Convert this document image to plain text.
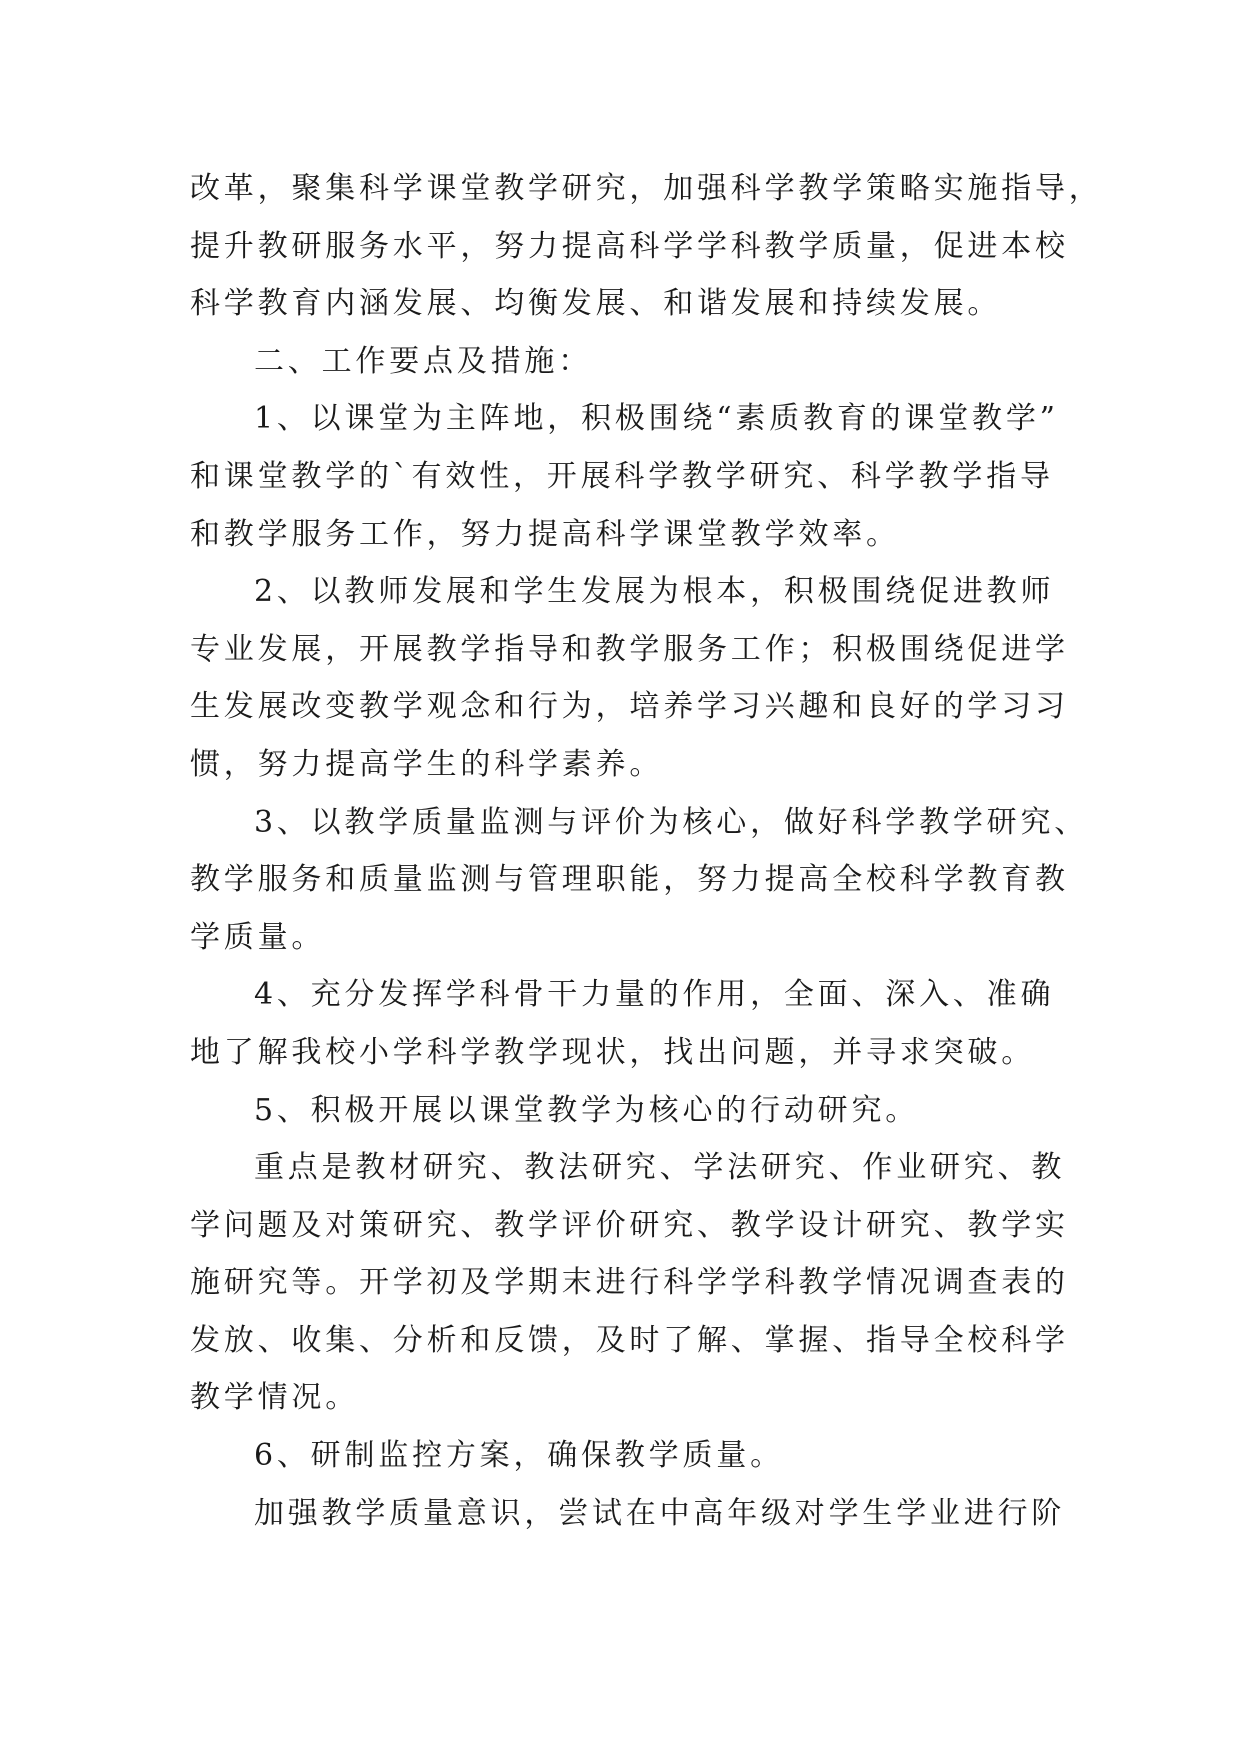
改革，聚集科学课堂教学研究，加强科学教学策略实施指导，
提升教研服务水平，努力提高科学学科教学质量，促进本校
科学教育内涵发展、均衡发展、和谐发展和持续发展。
二、工作要点及措施：
1、以课堂为主阵地，积极围绕“素质教育的课堂教学”
和课堂教学的`有效性，开展科学教学研究、科学教学指导
和教学服务工作，努力提高科学课堂教学效率。
2、以教师发展和学生发展为根本，积极围绕促进教师
专业发展，开展教学指导和教学服务工作；积极围绕促进学
生发展改变教学观念和行为，培养学习兴趣和良好的学习习
惯，努力提高学生的科学素养。
3、以教学质量监测与评价为核心，做好科学教学研究、
教学服务和质量监测与管理职能，努力提高全校科学教育教
学质量。
4、充分发挥学科骨干力量的作用，全面、深入、准确
地了解我校小学科学教学现状，找出问题，并寻求突破。
5、积极开展以课堂教学为核心的行动研究。
重点是教材研究、教法研究、学法研究、作业研究、教
学问题及对策研究、教学评价研究、教学设计研究、教学实
施研究等。开学初及学期末进行科学学科教学情况调查表的
发放、收集、分析和反馈，及时了解、掌握、指导全校科学
教学情况。
6、研制监控方案，确保教学质量。
加强教学质量意识，尝试在中高年级对学生学业进行阶
